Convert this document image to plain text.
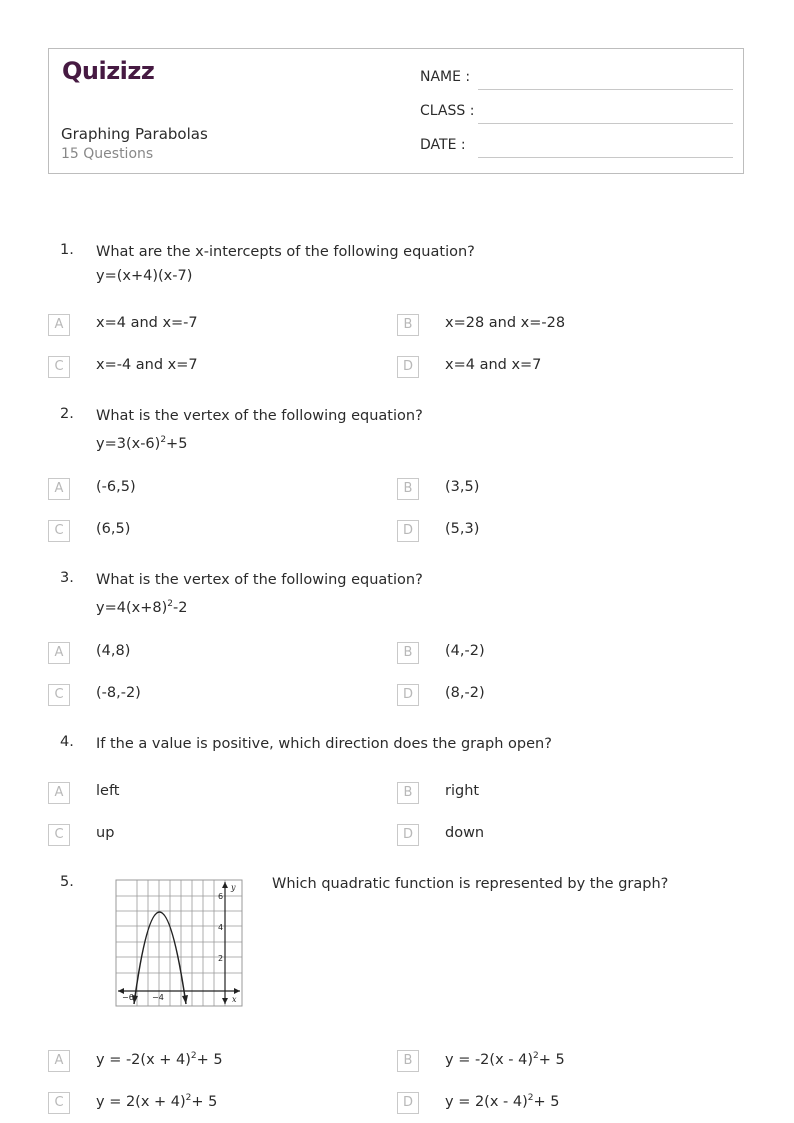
Quizizz
Graphing Parabolas
15 Questions
NAME :
CLASS :
DATE :
1. What are the x-intercepts of the following equation?
y=(x+4)(x-7)
A	x=4 and x=-7	B	x=28 and x=-28
C	x=-4 and x=7	D	x=4 and x=7
2. What is the vertex of the following equation?
$y=3(x-6)^2+5$
A	(-6,5)	B	(3,5)
C	(6,5)	D	(5,3)
3. What is the vertex of the following equation?
$y=4(x+8)^2-2$
A	(4,8)	B	(4,-2)
C	(-8,-2)	D	(8,-2)
4. If the a value is positive, which direction does the graph open?
A	left	B	right
C	up	D	down
5.	Which quadratic function is represented by the graph?
6
4
2
y
x
−6 −4
A	$y = -2(x + 4)^2+ 5$	B	y = -2(x - 4)$^2$+ 5
C	$y = 2(x + 4)^2+ 5$	D	y = 2(x - 4)$^2$+ 5
